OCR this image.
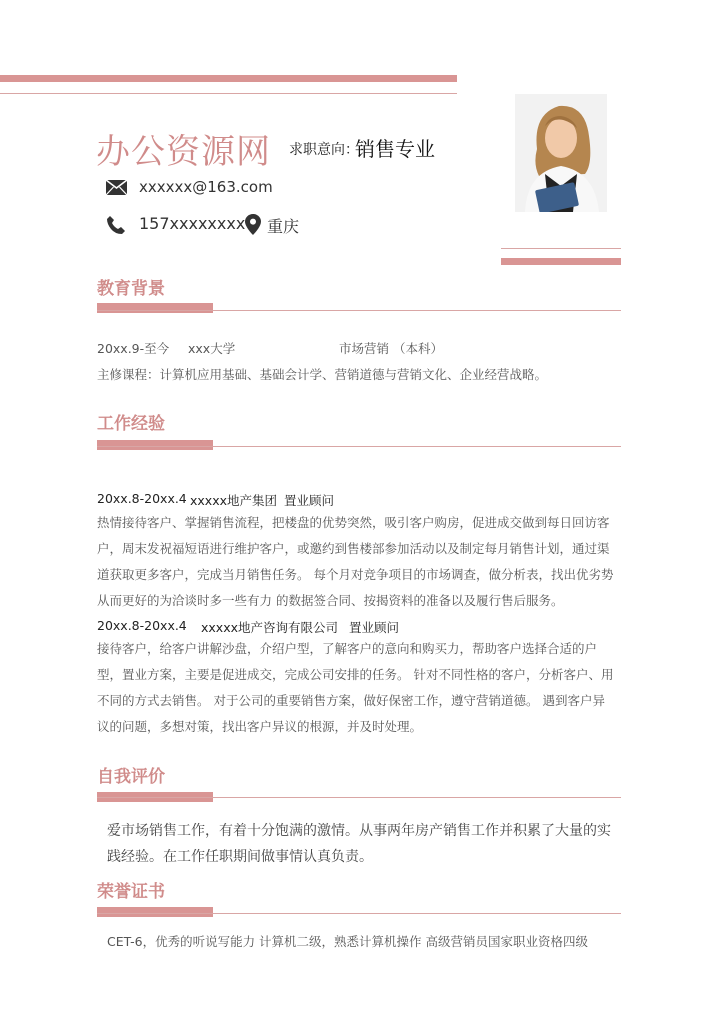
办公资源网 求职意向：
销售专业
xxxxxx@163.com
157xxxxxxxx 重庆
教育背景
20xx.9-至今 xxx大学	市场营销 （本科）
主修课程：计算机应用基础、基础会计学、营销道德与营销文化、企业经营战略。
工作经验
20xx.8-20xx.4 xxxxx地产集团 置业顾问
热情接待客户、掌握销售流程，把楼盘的优势突然，吸引客户购房，促进成交做到每日回访客
户，周末发祝福短语进行维护客户，或邀约到售楼部参加活动以及制定每月销售计划，通过渠
道获取更多客户，完成当月销售任务。 每个月对竞争项目的市场调查，做分析表，找出优劣势
从而更好的为洽谈时多一些有力 的数据签合同、按揭资料的准备以及履行售后服务。
20xx.8-20xx.4 xxxxx地产咨询有限公司 置业顾问
接待客户，给客户讲解沙盘，介绍户型，了解客户的意向和购买力，帮助客户选择合适的户
型，置业方案，主要是促进成交，完成公司安排的任务。 针对不同性格的客户，分析客户、用
不同的方式去销售。 对于公司的重要销售方案，做好保密工作，遵守营销道德。 遇到客户异
议的问题，多想对策，找出客户异议的根源，并及时处理。
自我评价
爱市场销售工作，有着十分饱满的激情。从事两年房产销售工作并积累了大量的实
践经验。在工作任职期间做事情认真负责。
荣誉证书
CET-6，优秀的听说写能力 计算机二级，熟悉计算机操作 高级营销员国家职业资格四级
